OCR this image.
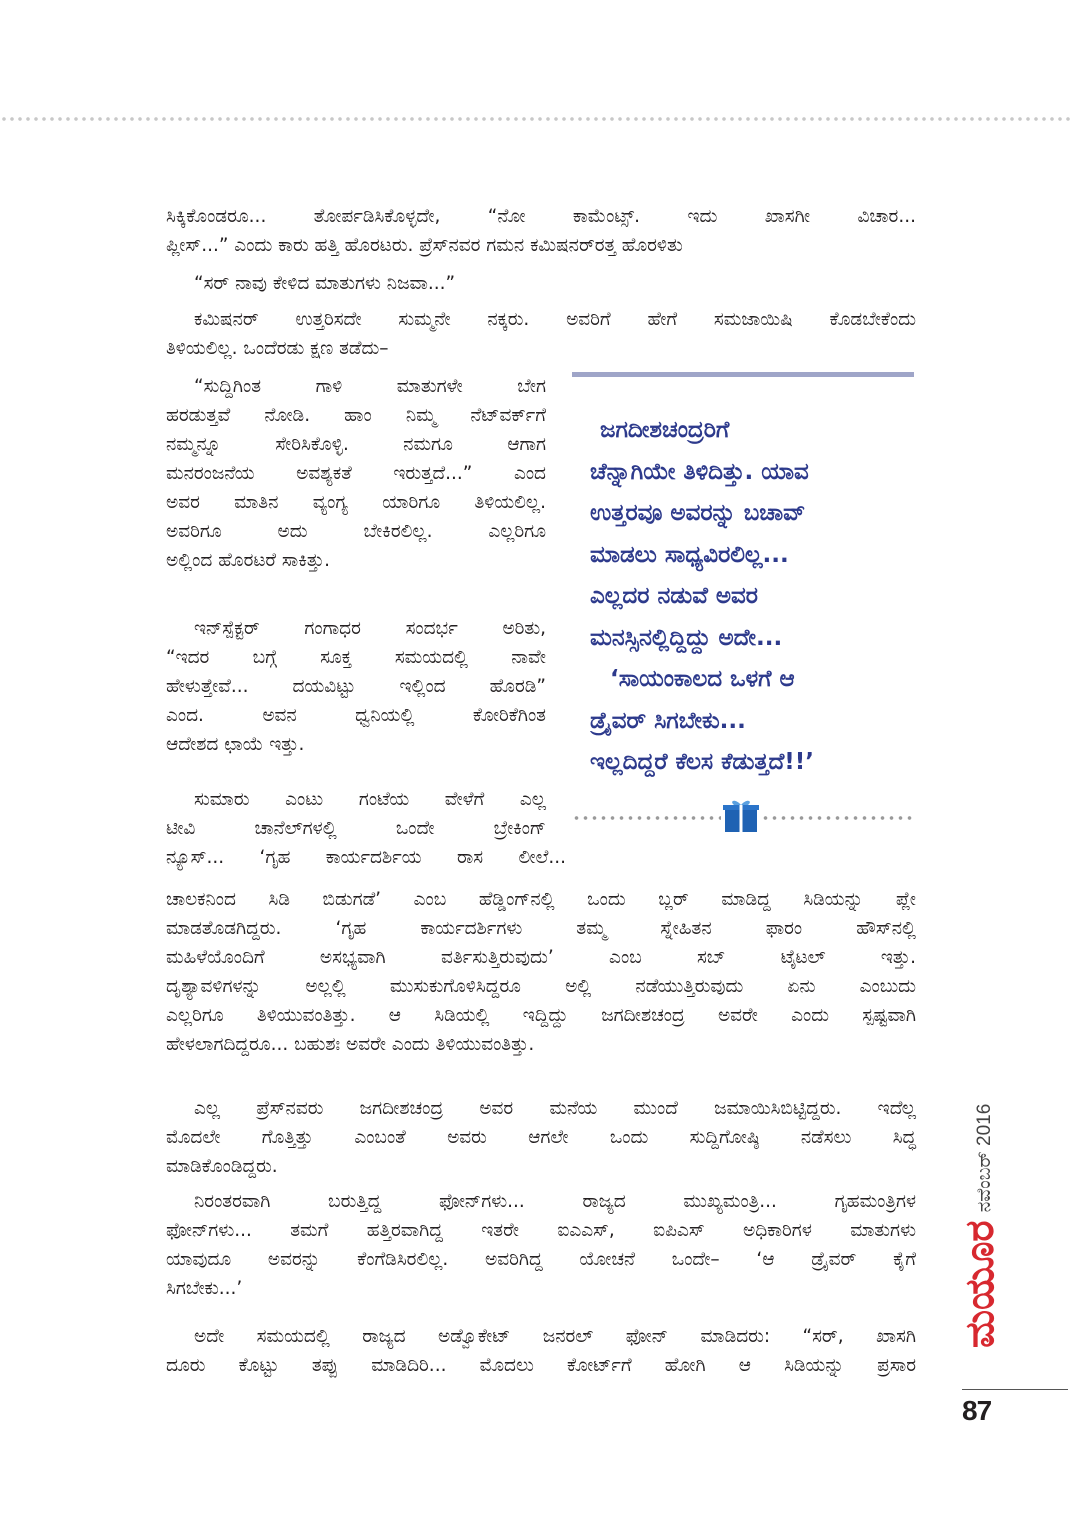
ಸಿಕ್ಕಿಕೊಂಡರೂ... ತೋರ್ಪಡಿಸಿಕೊಳ್ಳದೇ, “ನೋ ಕಾಮೆಂಟ್ಸ್. ಇದು ಖಾಸಗೀ ವಿಚಾರ...
ಪ್ಲೀಸ್...” ಎಂದು ಕಾರು ಹತ್ತಿ ಹೊರಟರು. ಪ್ರೆಸ್‌ನವರ ಗಮನ ಕಮಿಷನರ್‌ರತ್ತ ಹೊರಳಿತು
“ಸರ್ ನಾವು ಕೇಳಿದ ಮಾತುಗಳು ನಿಜವಾ...”
ಕಮಿಷನರ್ ಉತ್ತರಿಸದೇ ಸುಮ್ಮನೇ ನಕ್ಕರು. ಅವರಿಗೆ ಹೇಗೆ ಸಮಜಾಯಿಷಿ ಕೊಡಬೇಕೆಂದು
ತಿಳಿಯಲಿಲ್ಲ. ಒಂದೆರಡು ಕ್ಷಣ ತಡೆದು–
“ಸುದ್ದಿಗಿಂತ ಗಾಳಿ ಮಾತುಗಳೇ ಬೇಗ
ಹರಡುತ್ತವೆ ನೋಡಿ. ಹಾಂ ನಿಮ್ಮ ನೆಟ್‌ವರ್ಕ್‌ಗೆ
ನಮ್ಮನ್ನೂ ಸೇರಿಸಿಕೊಳ್ಳಿ. ನಮಗೂ ಆಗಾಗ
ಮನರಂಜನೆಯ ಅವಶ್ಯಕತೆ ಇರುತ್ತದೆ...” ಎಂದ
ಅವರ ಮಾತಿನ ವ್ಯಂಗ್ಯ ಯಾರಿಗೂ ತಿಳಿಯಲಿಲ್ಲ.
ಅವರಿಗೂ ಅದು ಬೇಕಿರಲಿಲ್ಲ. ಎಲ್ಲರಿಗೂ
ಅಲ್ಲಿಂದ ಹೊರಟರೆ ಸಾಕಿತ್ತು.
ಇನ್‌ಸ್ಪೆಕ್ಟರ್ ಗಂಗಾಧರ ಸಂದರ್ಭ ಅರಿತು,
“ಇದರ ಬಗ್ಗೆ ಸೂಕ್ತ ಸಮಯದಲ್ಲಿ ನಾವೇ
ಹೇಳುತ್ತೇವೆ... ದಯವಿಟ್ಟು ಇಲ್ಲಿಂದ ಹೊರಡಿ”
ಎಂದ. ಅವನ ಧ್ವನಿಯಲ್ಲಿ ಕೋರಿಕೆಗಿಂತ
ಆದೇಶದ ಛಾಯೆ ಇತ್ತು.
ಸುಮಾರು ಎಂಟು ಗಂಟೆಯ ವೇಳೆಗೆ ಎಲ್ಲ
ಟೀವಿ ಚಾನೆಲ್‌ಗಳಲ್ಲಿ ಒಂದೇ ಬ್ರೇಕಿಂಗ್
ನ್ಯೂಸ್... ‘ಗೃಹ ಕಾರ್ಯದರ್ಶಿಯ ರಾಸ ಲೀಲೆ...
ಚಾಲಕನಿಂದ ಸಿಡಿ ಬಿಡುಗಡೆ’ ಎಂಬ ಹೆಡ್ಡಿಂಗ್‌ನಲ್ಲಿ ಒಂದು ಬ್ಲರ್ ಮಾಡಿದ್ದ ಸಿಡಿಯನ್ನು ಪ್ಲೇ
ಮಾಡತೊಡಗಿದ್ದರು. ‘ಗೃಹ ಕಾರ್ಯದರ್ಶಿಗಳು ತಮ್ಮ ಸ್ನೇಹಿತನ ಫಾರಂ ಹೌಸ್‌ನಲ್ಲಿ
ಮಹಿಳೆಯೊಂದಿಗೆ ಅಸಭ್ಯವಾಗಿ ವರ್ತಿಸುತ್ತಿರುವುದು’ ಎಂಬ ಸಬ್ ಟೈಟಲ್ ಇತ್ತು.
ದೃಶ್ಯಾವಳಿಗಳನ್ನು ಅಲ್ಲಲ್ಲಿ ಮುಸುಕುಗೊಳಿಸಿದ್ದರೂ ಅಲ್ಲಿ ನಡೆಯುತ್ತಿರುವುದು ಏನು ಎಂಬುದು
ಎಲ್ಲರಿಗೂ ತಿಳಿಯುವಂತಿತ್ತು. ಆ ಸಿಡಿಯಲ್ಲಿ ಇದ್ದಿದ್ದು ಜಗದೀಶಚಂದ್ರ ಅವರೇ ಎಂದು ಸ್ಪಷ್ಟವಾಗಿ
ಹೇಳಲಾಗದಿದ್ದರೂ... ಬಹುಶಃ ಅವರೇ ಎಂದು ತಿಳಿಯುವಂತಿತ್ತು.
ಎಲ್ಲ ಪ್ರೆಸ್‌ನವರು ಜಗದೀಶಚಂದ್ರ ಅವರ ಮನೆಯ ಮುಂದೆ ಜಮಾಯಿಸಿಬಿಟ್ಟಿದ್ದರು. ಇದೆಲ್ಲ
ಮೊದಲೇ ಗೊತ್ತಿತ್ತು ಎಂಬಂತೆ ಅವರು ಆಗಲೇ ಒಂದು ಸುದ್ದಿಗೋಷ್ಠಿ ನಡೆಸಲು ಸಿದ್ಧ
ಮಾಡಿಕೊಂಡಿದ್ದರು.
ನಿರಂತರವಾಗಿ ಬರುತ್ತಿದ್ದ ಫೋನ್‌ಗಳು... ರಾಜ್ಯದ ಮುಖ್ಯಮಂತ್ರಿ... ಗೃಹಮಂತ್ರಿಗಳ
ಫೋನ್‌ಗಳು... ತಮಗೆ ಹತ್ತಿರವಾಗಿದ್ದ ಇತರೇ ಐಎಎಸ್, ಐಪಿಎಸ್ ಅಧಿಕಾರಿಗಳ ಮಾತುಗಳು
ಯಾವುದೂ ಅವರನ್ನು ಕೆಂಗೆಡಿಸಿರಲಿಲ್ಲ. ಅವರಿಗಿದ್ದ ಯೋಚನೆ ಒಂದೇ– ‘ಆ ಡ್ರೈವರ್ ಕೈಗೆ
ಸಿಗಬೇಕು...’
ಅದೇ ಸಮಯದಲ್ಲಿ ರಾಜ್ಯದ ಅಡ್ವೊಕೇಟ್ ಜನರಲ್ ಫೋನ್ ಮಾಡಿದರು: “ಸರ್, ಖಾಸಗಿ
ದೂರು ಕೊಟ್ಟು ತಪ್ಪು ಮಾಡಿದಿರಿ... ಮೊದಲು ಕೋರ್ಟ್‌ಗೆ ಹೋಗಿ ಆ ಸಿಡಿಯನ್ನು ಪ್ರಸಾರ
ಜಗದೀಶಚಂದ್ರರಿಗೆ
ಚೆನ್ನಾಗಿಯೇ ತಿಳಿದಿತ್ತು. ಯಾವ
ಉತ್ತರವೂ ಅವರನ್ನು ಬಚಾವ್
ಮಾಡಲು ಸಾಧ್ಯವಿರಲಿಲ್ಲ...
ಎಲ್ಲದರ ನಡುವೆ ಅವರ
ಮನಸ್ಸಿನಲ್ಲಿದ್ದಿದ್ದು ಅದೇ...
‘ಸಾಯಂಕಾಲದ ಒಳಗೆ ಆ
ಡ್ರೈವರ್ ಸಿಗಬೇಕು...
ಇಲ್ಲದಿದ್ದರೆ ಕೆಲಸ ಕೆಡುತ್ತದೆ!!’
ನವೆಂಬರ್ 2016
ಮಯೂರ
87
